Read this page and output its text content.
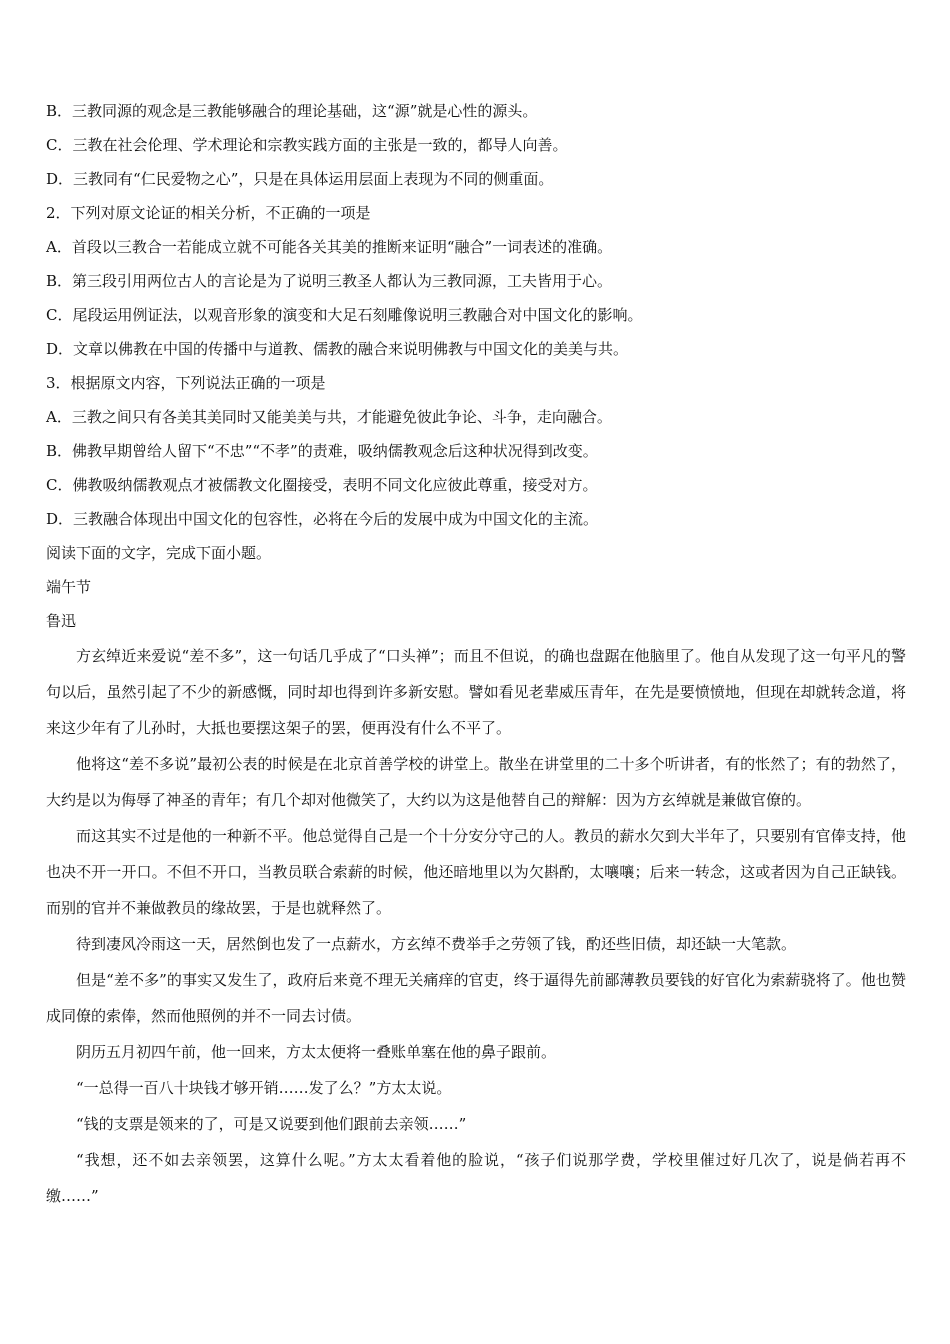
B．三教同源的观念是三教能够融合的理论基础，这“源”就是心性的源头。
C．三教在社会伦理、学术理论和宗教实践方面的主张是一致的，都导人向善。
D．三教同有“仁民爱物之心”，只是在具体运用层面上表现为不同的侧重面。
2．下列对原文论证的相关分析，不正确的一项是
A．首段以三教合一若能成立就不可能各关其美的推断来证明“融合”一词表述的准确。
B．第三段引用两位古人的言论是为了说明三教圣人都认为三教同源，工夫皆用于心。
C．尾段运用例证法，以观音形象的演变和大足石刻雕像说明三教融合对中国文化的影响。
D．文章以佛教在中国的传播中与道教、儒教的融合来说明佛教与中国文化的美美与共。
3．根据原文内容，下列说法正确的一项是
A．三教之间只有各美其美同时又能美美与共，才能避免彼此争论、斗争，走向融合。
B．佛教早期曾给人留下“不忠”“不孝”的责难，吸纳儒教观念后这种状况得到改变。
C．佛教吸纳儒教观点才被儒教文化圈接受，表明不同文化应彼此尊重，接受对方。
D．三教融合体现出中国文化的包容性，必将在今后的发展中成为中国文化的主流。
阅读下面的文字，完成下面小题。
端午节
鲁迅

方玄绰近来爱说“差不多”，这一句话几乎成了“口头禅”；而且不但说，的确也盘踞在他脑里了。他自从发现了这一句平凡的警句以后，虽然引起了不少的新感慨，同时却也得到许多新安慰。譬如看见老辈威压青年，在先是要愤愤地，但现在却就转念道，将来这少年有了儿孙时，大抵也要摆这架子的罢，便再没有什么不平了。

他将这“差不多说”最初公表的时候是在北京首善学校的讲堂上。散坐在讲堂里的二十多个听讲者，有的怅然了；有的勃然了，大约是以为侮辱了神圣的青年；有几个却对他微笑了，大约以为这是他替自己的辩解：因为方玄绰就是兼做官僚的。

而这其实不过是他的一种新不平。他总觉得自己是一个十分安分守己的人。教员的薪水欠到大半年了，只要别有官俸支持，他也决不开一开口。不但不开口，当教员联合索薪的时候，他还暗地里以为欠斟酌，太嚷嚷；后来一转念，这或者因为自己正缺钱。而别的官并不兼做教员的缘故罢，于是也就释然了。

待到凄风冷雨这一天，居然倒也发了一点薪水，方玄绰不费举手之劳领了钱，酌还些旧债，却还缺一大笔款。

但是“差不多”的事实又发生了，政府后来竟不理无关痛痒的官吏，终于逼得先前鄙薄教员要钱的好官化为索薪骁将了。他也赞成同僚的索俸，然而他照例的并不一同去讨债。

阴历五月初四午前，他一回来，方太太便将一叠账单塞在他的鼻子跟前。

“一总得一百八十块钱才够开销……发了么？”方太太说。

“钱的支票是领来的了，可是又说要到他们跟前去亲领……”

“我想，还不如去亲领罢，这算什么呢。”方太太看着他的脸说，“孩子们说那学费，学校里催过好几次了，说是倘若再不缴……”
